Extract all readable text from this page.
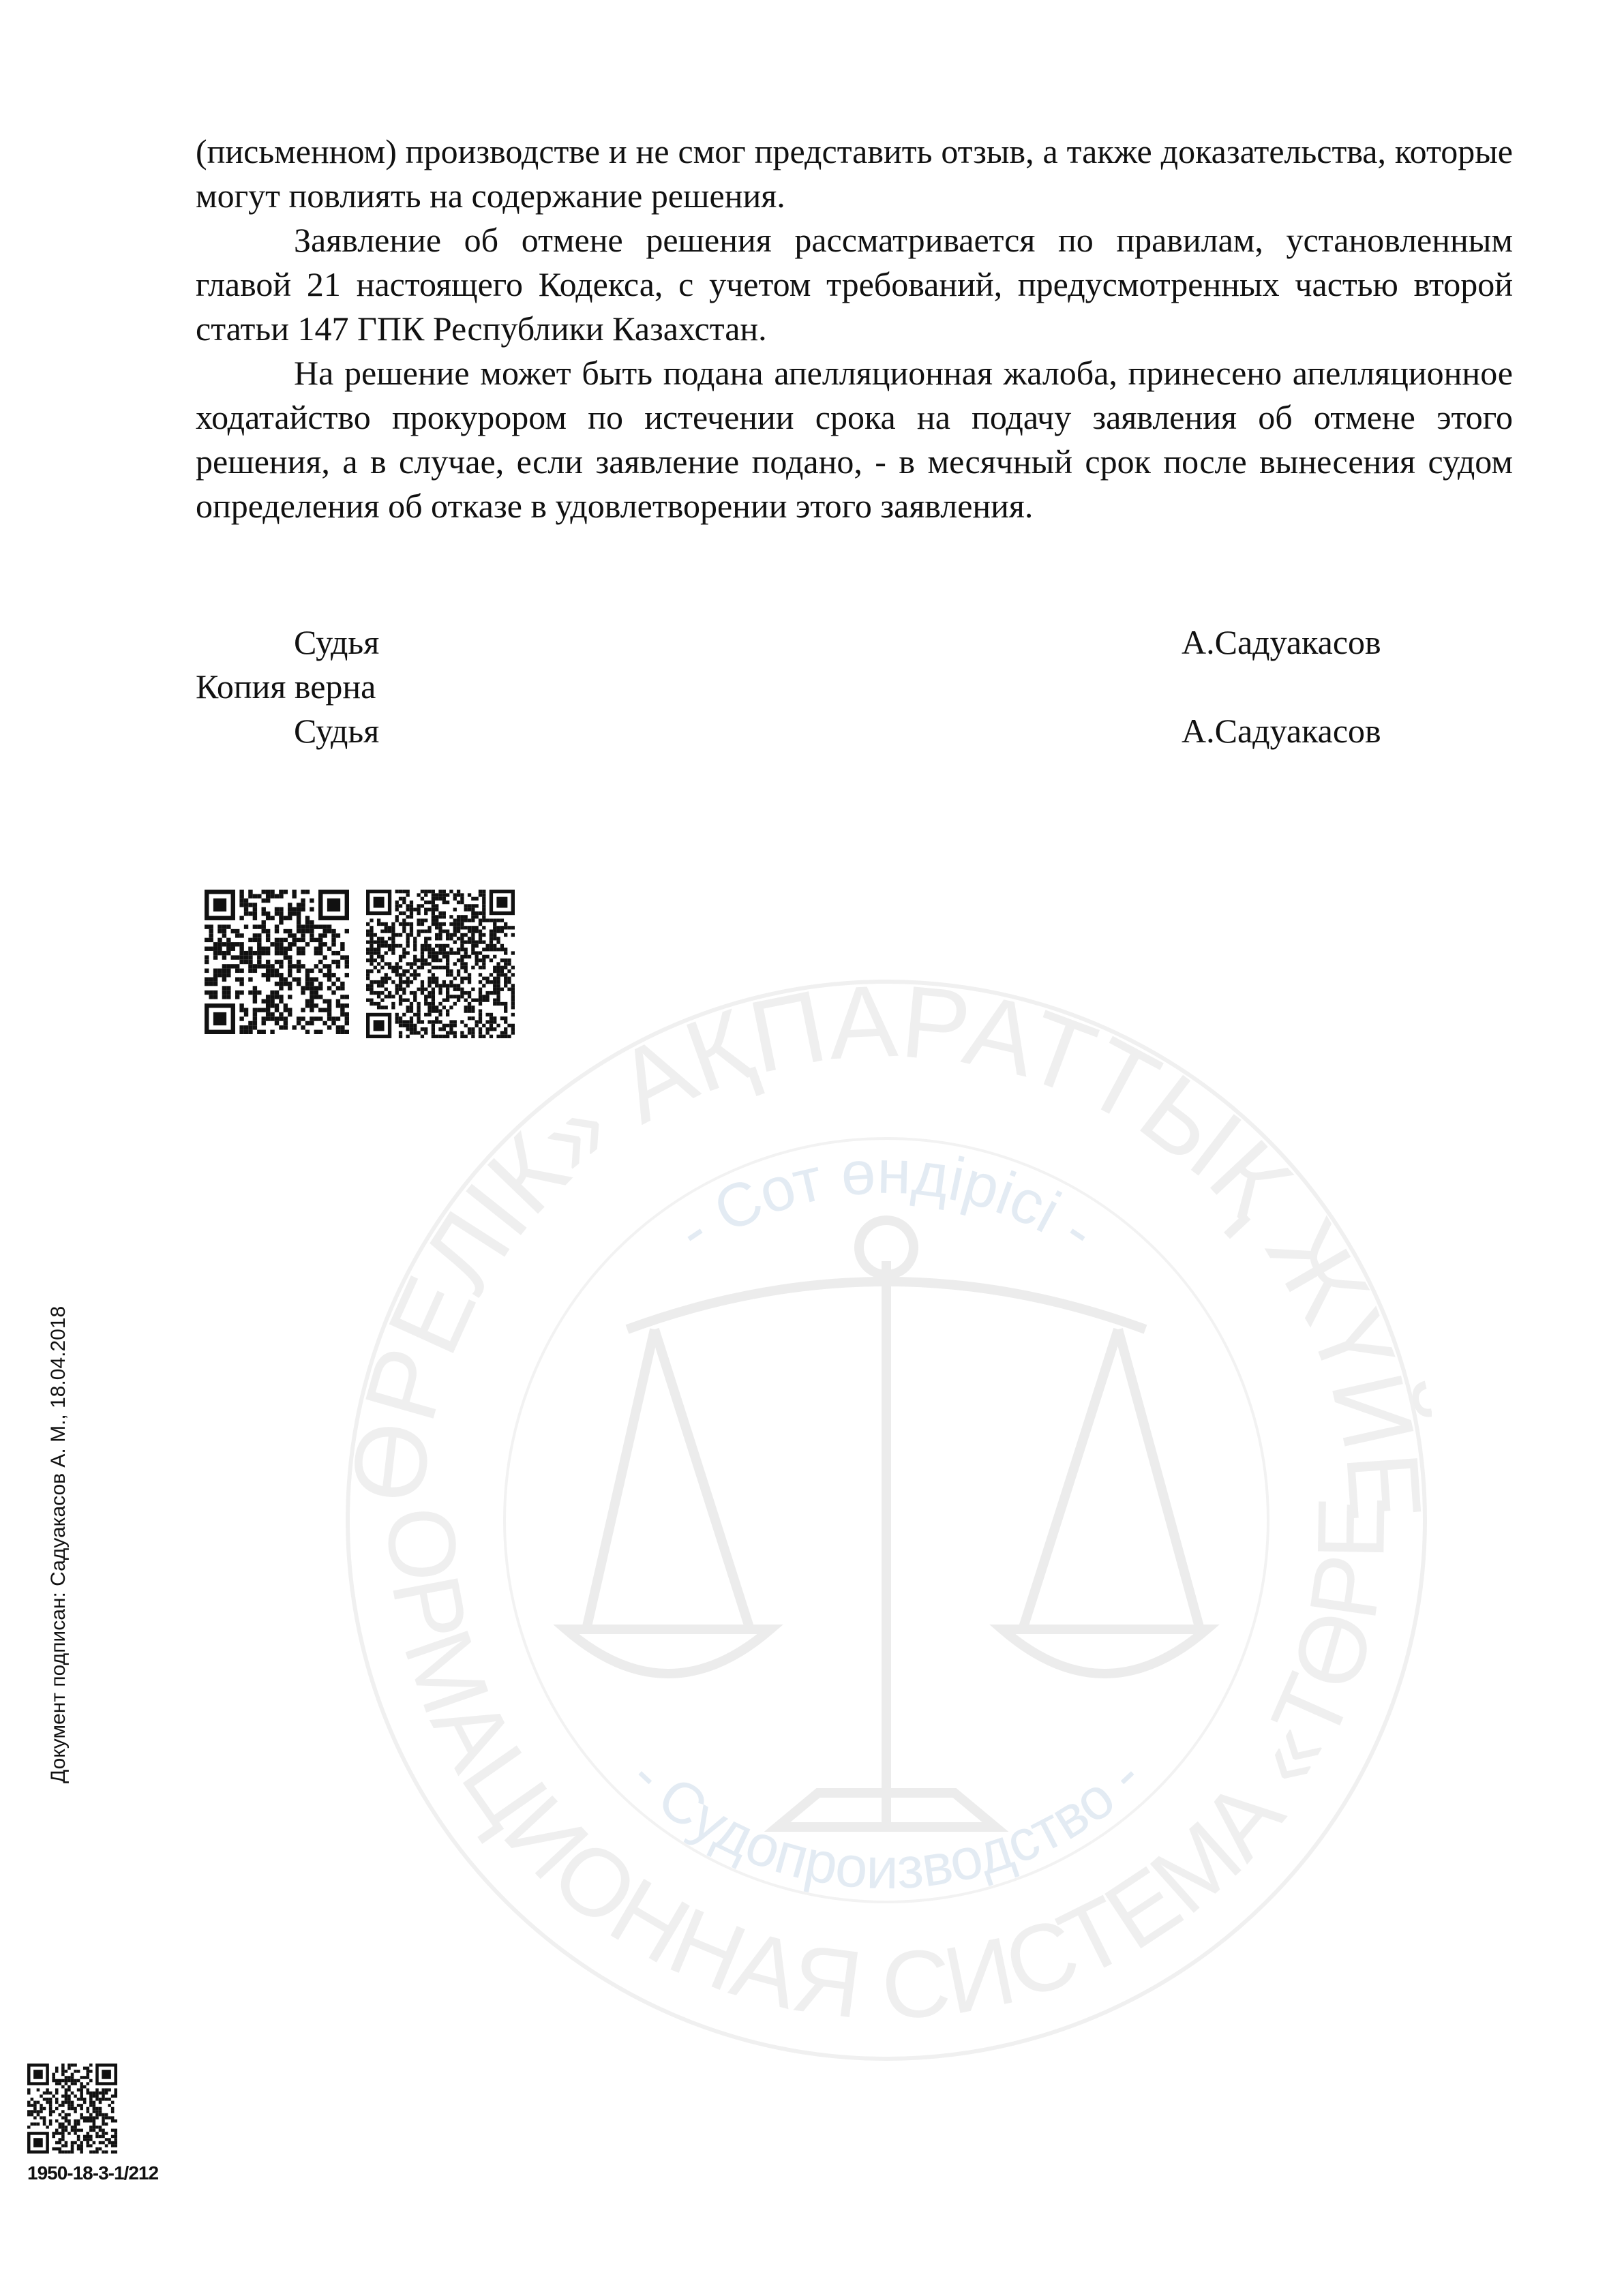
ӨРЕЛІК» АҚПАРАТТЫҚ ЖҮЙ
ОРМАЦИОННАЯ СИСТЕМА «ТӨРЕ
- Сот өндірісі -
- Судопроизводство -

(письменном) производстве и не смог представить отзыв, а также доказательства, которые могут повлиять на содержание решения.

Заявление об отмене решения рассматривается по правилам, установленным главой 21 настоящего Кодекса, с учетом требований, предусмотренных частью второй статьи 147 ГПК Республики Казахстан.

На решение может быть подана апелляционная жалоба, принесено апелляционное ходатайство прокурором по истечении срока на подачу заявления об отмене этого решения, а в случае, если заявление подано, - в месячный срок после вынесения судом определения об отказе в удовлетворении этого заявления.

Судья	А.Садуакасов
Копия верна
Судья	А.Садуакасов
Документ подписан: Садуакасов А. М., 18.04.2018
1950-18-3-1/212
